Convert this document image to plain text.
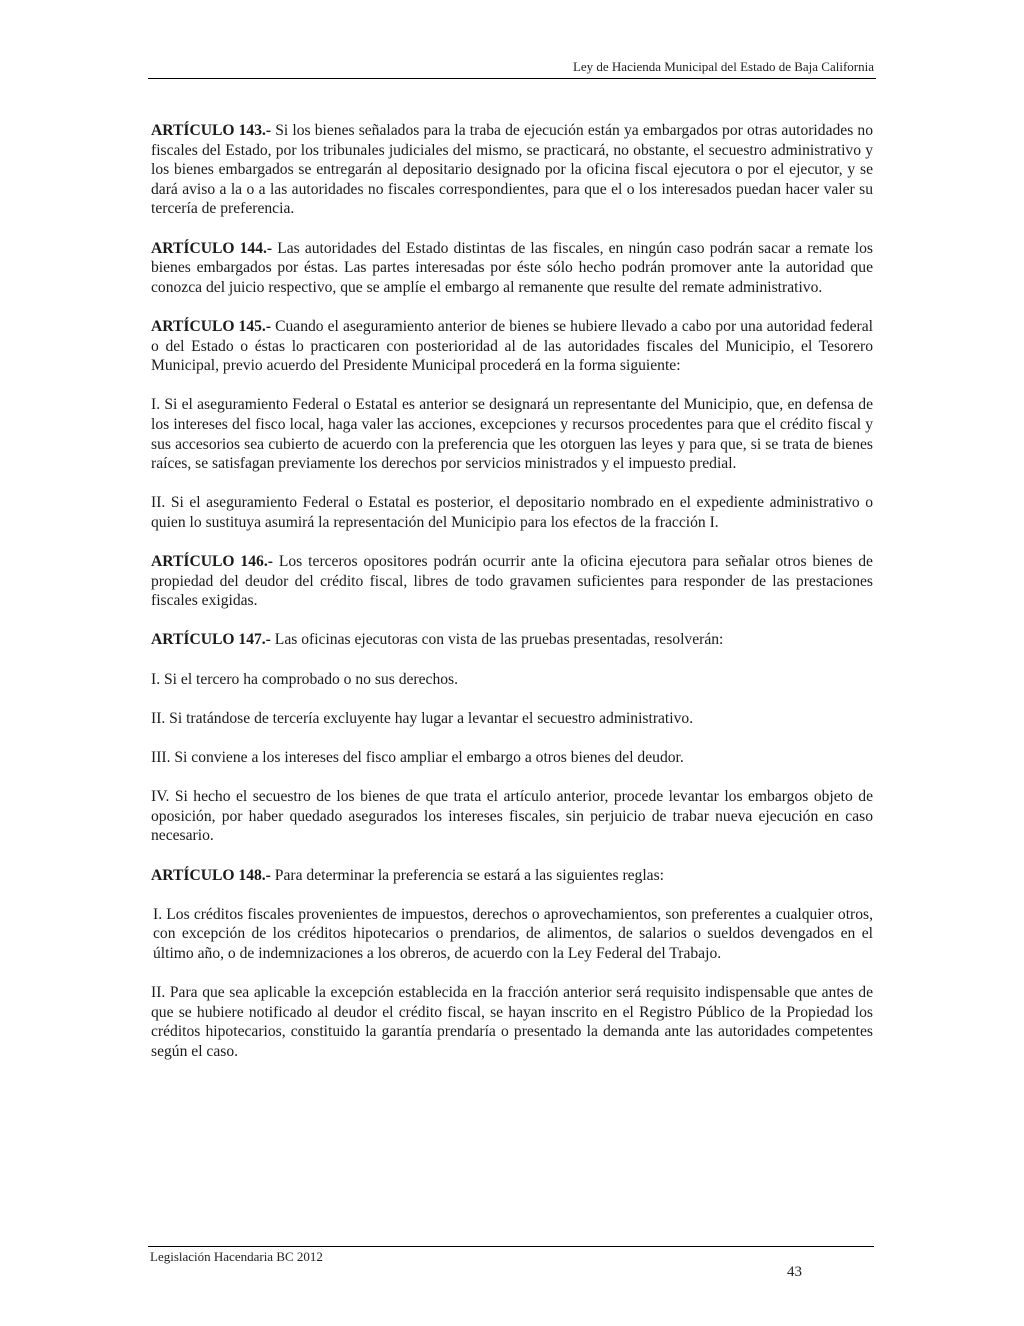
Ley de Hacienda Municipal del Estado de Baja California

ARTÍCULO 143.- Si los bienes señalados para la traba de ejecución están ya embargados por otras autoridades no fiscales del Estado, por los tribunales judiciales del mismo, se practicará, no obstante, el secuestro administrativo y los bienes embargados se entregarán al depositario designado por la oficina fiscal ejecutora o por el ejecutor, y se dará aviso a la o a las autoridades no fiscales correspondientes, para que el o los interesados puedan hacer valer su tercería de preferencia.

ARTÍCULO 144.- Las autoridades del Estado distintas de las fiscales, en ningún caso podrán sacar a remate los bienes embargados por éstas. Las partes interesadas por éste sólo hecho podrán promover ante la autoridad que conozca del juicio respectivo, que se amplíe el embargo al remanente que resulte del remate administrativo.

ARTÍCULO 145.- Cuando el aseguramiento anterior de bienes se hubiere llevado a cabo por una autoridad federal o del Estado o éstas lo practicaren con posterioridad al de las autoridades fiscales del Municipio, el Tesorero Municipal, previo acuerdo del Presidente Municipal procederá en la forma siguiente:

I. Si el aseguramiento Federal o Estatal es anterior se designará un representante del Municipio, que, en defensa de los intereses del fisco local, haga valer las acciones, excepciones y recursos procedentes para que el crédito fiscal y sus accesorios sea cubierto de acuerdo con la preferencia que les otorguen las leyes y para que, si se trata de bienes raíces, se satisfagan previamente los derechos por servicios ministrados y el impuesto predial.

II. Si el aseguramiento Federal o Estatal es posterior, el depositario nombrado en el expediente administrativo o quien lo sustituya asumirá la representación del Municipio para los efectos de la fracción I.

ARTÍCULO 146.- Los terceros opositores podrán ocurrir ante la oficina ejecutora para señalar otros bienes de propiedad del deudor del crédito fiscal, libres de todo gravamen suficientes para responder de las prestaciones fiscales exigidas.

ARTÍCULO 147.- Las oficinas ejecutoras con vista de las pruebas presentadas, resolverán:

I. Si el tercero ha comprobado o no sus derechos.

II. Si tratándose de tercería excluyente hay lugar a levantar el secuestro administrativo.

III. Si conviene a los intereses del fisco ampliar el embargo a otros bienes del deudor.

IV. Si hecho el secuestro de los bienes de que trata el artículo anterior, procede levantar los embargos objeto de oposición, por haber quedado asegurados los intereses fiscales, sin perjuicio de trabar nueva ejecución en caso necesario.

ARTÍCULO 148.- Para determinar la preferencia se estará a las siguientes reglas:

I. Los créditos fiscales provenientes de impuestos, derechos o aprovechamientos, son preferentes a cualquier otros, con excepción de los créditos hipotecarios o prendarios, de alimentos, de salarios o sueldos devengados en el último año, o de indemnizaciones a los obreros, de acuerdo con la Ley Federal del Trabajo.

II. Para que sea aplicable la excepción establecida en la fracción anterior será requisito indispensable que antes de que se hubiere notificado al deudor el crédito fiscal, se hayan inscrito en el Registro Público de la Propiedad los créditos hipotecarios, constituido la garantía prendaría o presentado la demanda ante las autoridades competentes según el caso.

Legislación Hacendaria BC 2012
43
